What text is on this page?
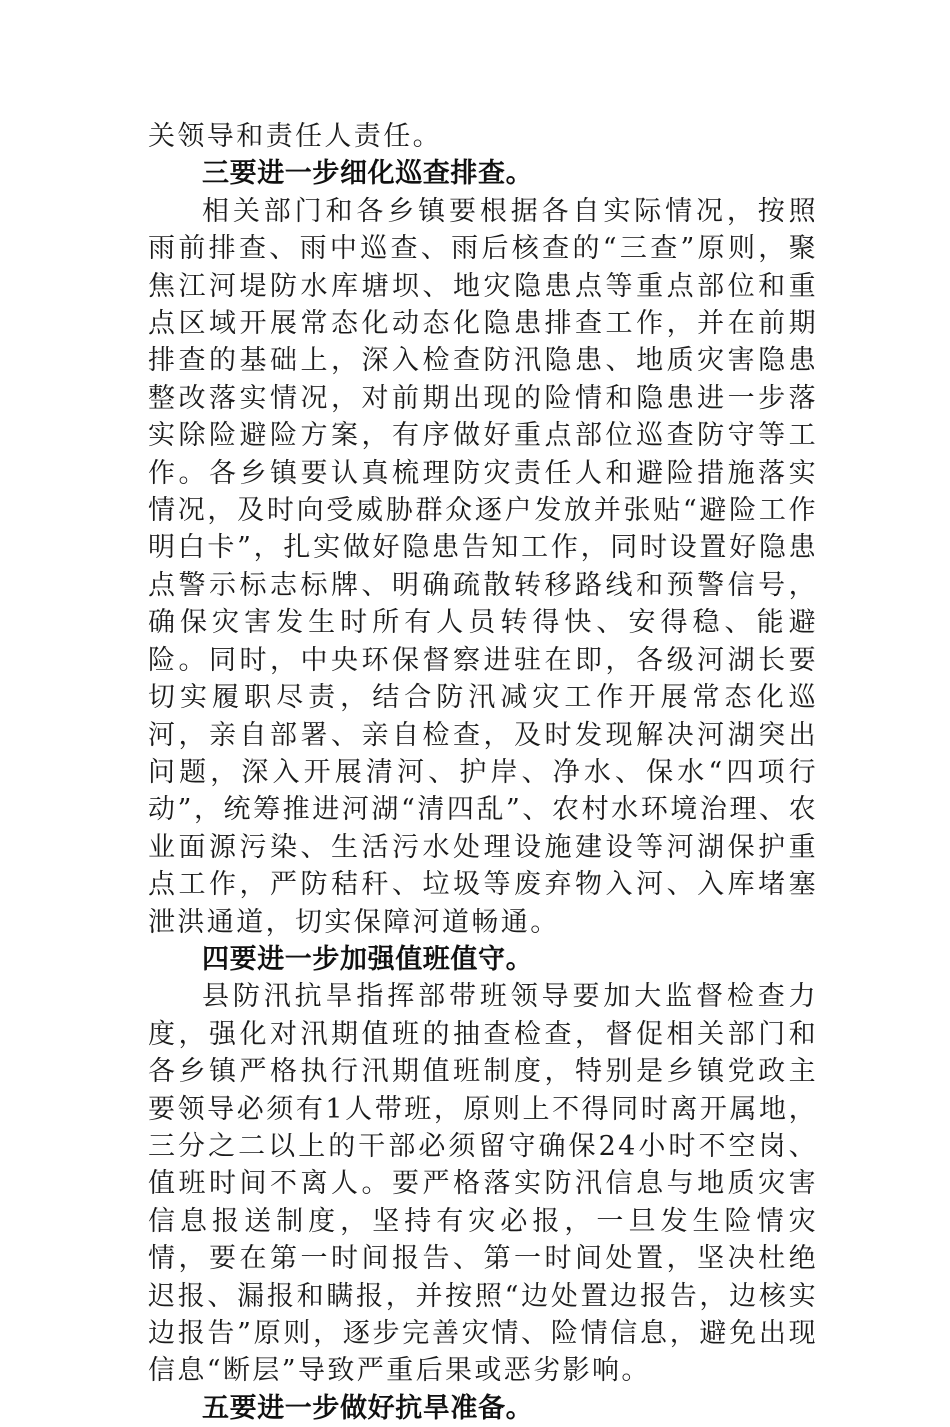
关领导和责任人责任。

三要进一步细化巡查排查。

相关部门和各乡镇要根据各自实际情况，按照雨前排查、雨中巡查、雨后核查的“三查”原则，聚焦江河堤防水库塘坝、地灾隐患点等重点部位和重点区域开展常态化动态化隐患排查工作，并在前期排查的基础上，深入检查防汛隐患、地质灾害隐患整改落实情况，对前期出现的险情和隐患进一步落实除险避险方案，有序做好重点部位巡查防守等工作。各乡镇要认真梳理防灾责任人和避险措施落实情况，及时向受威胁群众逐户发放并张贴“避险工作明白卡”，扎实做好隐患告知工作，同时设置好隐患点警示标志标牌、明确疏散转移路线和预警信号，确保灾害发生时所有人员转得快、安得稳、能避险。同时，中央环保督察进驻在即，各级河湖长要切实履职尽责，结合防汛减灾工作开展常态化巡河，亲自部署、亲自检查，及时发现解决河湖突出问题，深入开展清河、护岸、净水、保水“四项行动”，统筹推进河湖“清四乱”、农村水环境治理、农业面源污染、生活污水处理设施建设等河湖保护重点工作，严防秸秆、垃圾等废弃物入河、入库堵塞泄洪通道，切实保障河道畅通。

四要进一步加强值班值守。

县防汛抗旱指挥部带班领导要加大监督检查力度，强化对汛期值班的抽查检查，督促相关部门和各乡镇严格执行汛期值班制度，特别是乡镇党政主要领导必须有1人带班，原则上不得同时离开属地，三分之二以上的干部必须留守确保24小时不空岗、值班时间不离人。要严格落实防汛信息与地质灾害信息报送制度，坚持有灾必报，一旦发生险情灾情，要在第一时间报告、第一时间处置，坚决杜绝迟报、漏报和瞒报，并按照“边处置边报告，边核实边报告”原则，逐步完善灾情、险情信息，避免出现信息“断层”导致严重后果或恶劣影响。

五要进一步做好抗旱准备。
